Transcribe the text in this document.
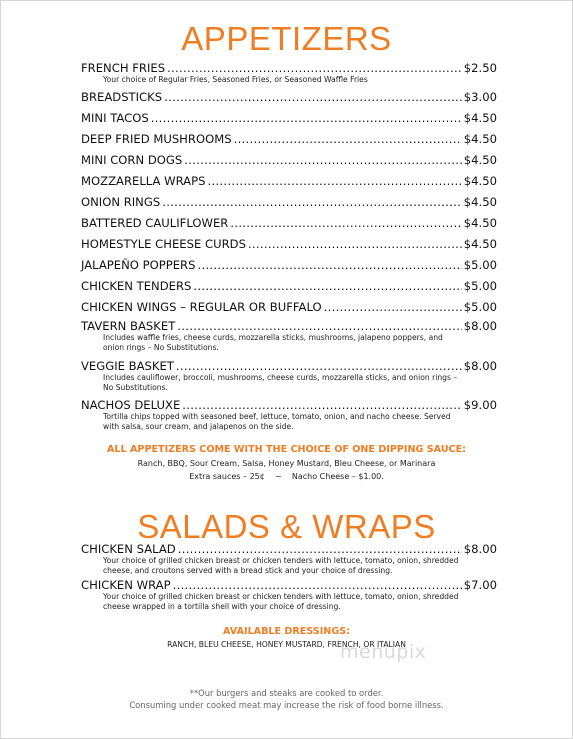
APPETIZERS
FRENCH FRIES .....	$2.50
Your choice of Regular Fries, Seasoned Fries, or Seasoned Waffle Fries
BREADSTICKS .....	$3.00
MINI TACOS .....	$4.50
DEEP FRIED MUSHROOMS .....	$4.50
MINI CORN DOGS .....	$4.50
MOZZARELLA WRAPS .....	$4.50
ONION RINGS .....	$4.50
BATTERED CAULIFLOWER .....	$4.50
HOMESTYLE CHEESE CURDS .....	$4.50
JALAPEÑO POPPERS .....	$5.00
CHICKEN TENDERS .....	$5.00
CHICKEN WINGS – REGULAR OR BUFFALO .....	$5.00
TAVERN BASKET .....	$8.00
Includes waffle fries, cheese curds, mozzarella sticks, mushrooms, jalapeno poppers, and onion rings – No Substitutions.
VEGGIE BASKET .....	$8.00
Includes cauliflower, broccoli, mushrooms, cheese curds, mozzarella sticks, and onion rings – No Substitutions.
NACHOS DELUXE .....	$9.00
Tortilla chips topped with seasoned beef, lettuce, tomato, onion, and nacho cheese. Served with salsa, sour cream, and jalapenos on the side.
ALL APPETIZERS COME WITH THE CHOICE OF ONE DIPPING SAUCE:
Ranch, BBQ, Sour Cream, Salsa, Honey Mustard, Bleu Cheese, or Marinara
Extra sauces – 25¢    ~    Nacho Cheese – $1.00.
SALADS & WRAPS
CHICKEN SALAD .....	$8.00
Your choice of grilled chicken breast or chicken tenders with lettuce, tomato, onion, shredded cheese, and croutons served with a bread stick and your choice of dressing.
CHICKEN WRAP .....	$7.00
Your choice of grilled chicken breast or chicken tenders with lettuce, tomato, onion, shredded cheese wrapped in a tortilla shell with your choice of dressing.
AVAILABLE DRESSINGS:
RANCH, BLEU CHEESE, HONEY MUSTARD, FRENCH, OR ITALIAN
menupix
**Our burgers and steaks are cooked to order.
Consuming under cooked meat may increase the risk of food borne illness.
